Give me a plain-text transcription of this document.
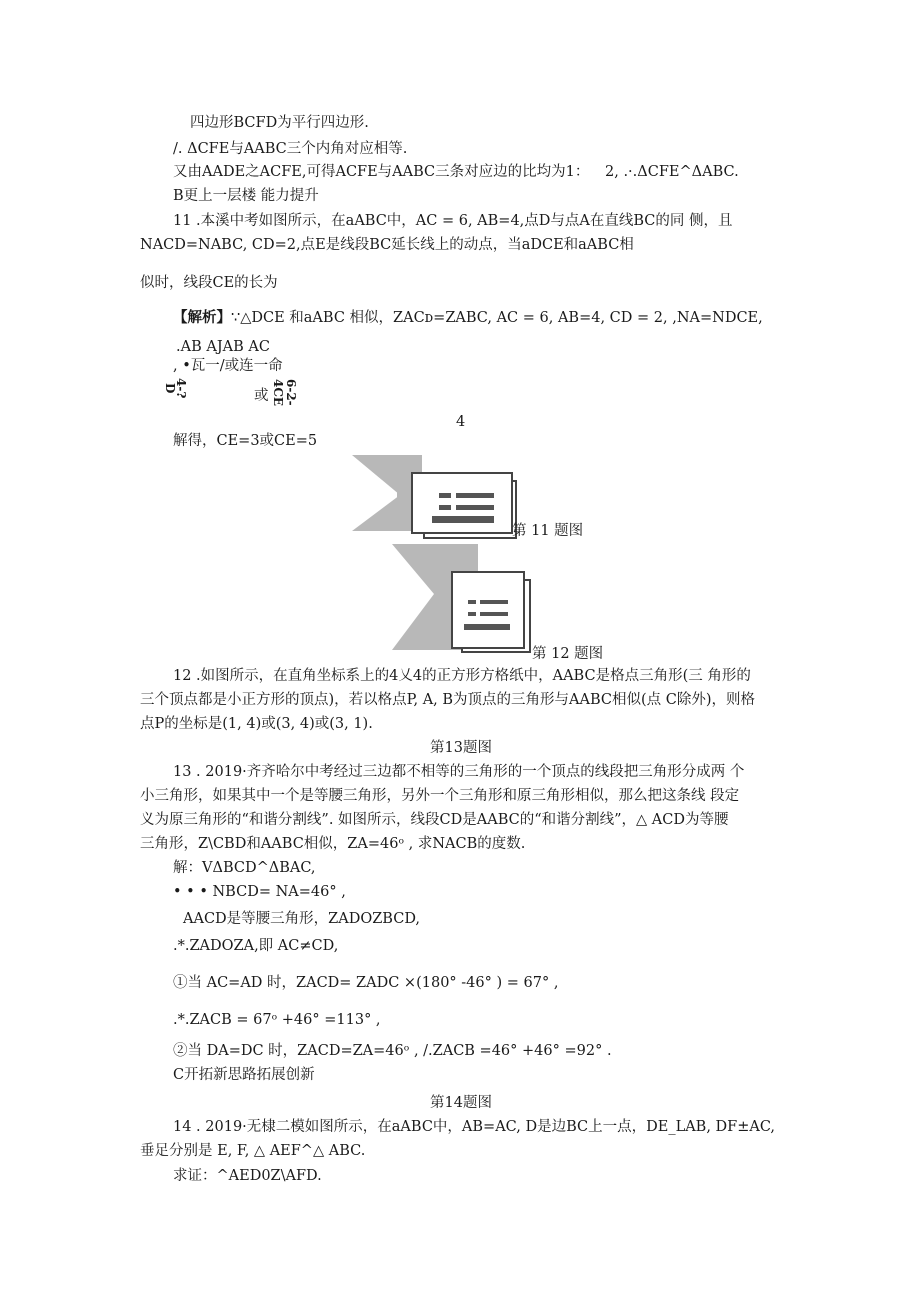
四边形BCFD为平行四边形.
/. ΔCFE与AABC三个内角对应相等.
又由AADE之ACFE,可得ACFE与AABC三条对应边的比均为1： 2, .·.ΔCFE^ΔABC.
B更上一层楼 能力提升
11 .本溪中考如图所示，在aABC中，AC = 6, AB=4,点D与点A在直线BC的同 侧，且
NACD=NABC, CD=2,点E是线段BC延长线上的动点，当aDCE和aABC相
似时，线段CE的长为
【解析】∵△DCE 和aABC 相似，ZACᴅ=ZABC, AC = 6, AB=4, CD = 2, ,NA=NDCE,
.AB AJAB AC
, •瓦一/或连一命
4-?
D	或 6-2-
4CE
4
解得，CE=3或CE=5
第 11 题图
第 12 题图
12 .如图所示，在直角坐标系上的4乂4的正方形方格纸中，AABC是格点三角形(三 角形的
三个顶点都是小正方形的顶点)，若以格点P, A, B为顶点的三角形与AABC相似(点 C除外)，则格
点P的坐标是(1, 4)或(3, 4)或(3, 1).
第13题图
13 . 2019·齐齐哈尔中考经过三边都不相等的三角形的一个顶点的线段把三角形分成两 个
小三角形，如果其中一个是等腰三角形，另外一个三角形和原三角形相似，那么把这条线 段定
义为原三角形的“和谐分割线”. 如图所示，线段CD是AABC的“和谐分割线”，△ ACD为等腰
三角形，Z\CBD和AABC相似，ZA=46ᵒ , 求NACB的度数.
解：VΔBCD^ΔBAC,
• • • NBCD= NA=46° ,
AACD是等腰三角形，ZADOZBCD,
.*.ZADOZA,即 AC≠CD,
①当 AC=AD 时，ZACD= ZADC ×(180° -46° ) = 67° ,
.*.ZACB = 67ᵒ +46° =113° ,
②当 DA=DC 时，ZACD=ZA=46ᵒ , /.ZACB =46° +46° =92° .
C开拓新思路拓展创新
第14题图
14 . 2019·无棣二模如图所示，在aABC中，AB=AC, D是边BC上一点，DE_LAB, DF±AC,
垂足分别是 E, F, △ AEF^△ ABC.
求证：^AED0Z\AFD.
